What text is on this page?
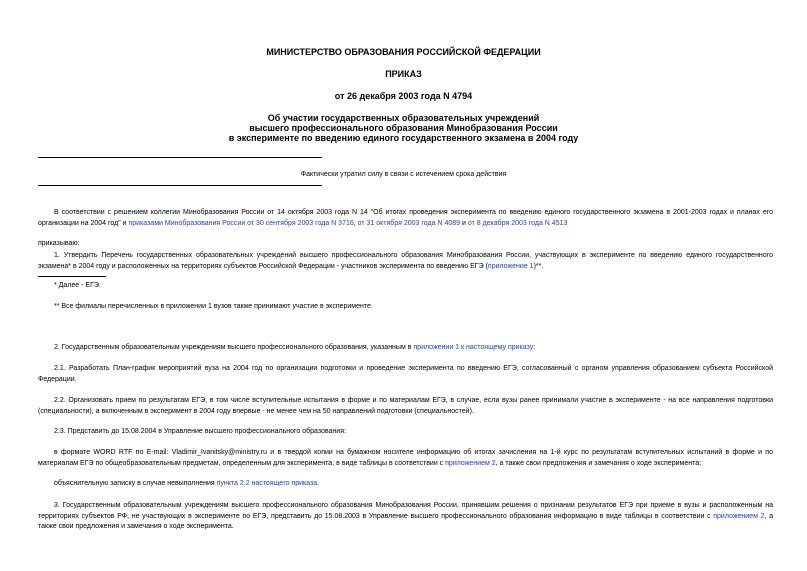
МИНИСТЕРСТВО ОБРАЗОВАНИЯ РОССИЙСКОЙ ФЕДЕРАЦИИ
ПРИКАЗ
от 26 декабря 2003 года N 4794
Об участии государственных образовательных учреждений
высшего профессионального образования Минобразования России
в эксперименте по введению единого государственного экзамена в 2004 году
Фактически утратил силу в связи с истечением срока действия
В соответствии с решением коллегии Минобразования России от 14 октября 2003 года N 14 "Об итогах проведения эксперимента по введению единого государственного экзамена в 2001-2003 годах и планах его организации на 2004 год" и приказами Минобразования России от 30 сентября 2003 года N 3716, от 31 октября 2003 года N 4089 и от 8 декабря 2003 года N 4513
приказываю:
1. Утвердить Перечень государственных образовательных учреждений высшего профессионального образования Минобразования России, участвующих в эксперименте по введению единого государственного экзамена* в 2004 году и расположенных на территориях субъектов Российской Федерации - участников эксперимента по введению ЕГЭ (приложение 1)**.
* Далее - ЕГЭ.
** Все филиалы перечисленных в приложении 1 вузов также принимают участие в эксперименте.
2. Государственным образовательным учреждениям высшего профессионального образования, указанным в приложении 1 к настоящему приказу:
2.1. Разработать План-график мероприятий вуза на 2004 год по организации подготовки и проведение эксперимента по введению ЕГЭ, согласованный с органом управления образованием субъекта Российской Федерации.
2.2. Организовать прием по результатам ЕГЭ, в том числе вступительные испытания в форме и по материалам ЕГЭ, в случае, если вузы ранее принимали участие в эксперименте - на все направления подготовки (специальности), а включенным в эксперимент в 2004 году впервые - не менее чем на 50 направлений подготовки (специальностей).
2.3. Представить до 15.08.2004 в Управление высшего профессионального образования:
в формате WORD RTF по E-mail: Vladimir_Ivanitsky@ministry.ru и в твердой копии на бумажном носителе информацию об итогах зачисления на 1-й курс по результатам вступительных испытаний в форме и по материалам ЕГЭ по общеобразовательным предметам, определенным для эксперимента, в виде таблицы в соответствии с приложением 2, а также свои предложения и замечания о ходе эксперимента;
объяснительную записку в случае невыполнения пункта 2.2 настоящего приказа.
3. Государственным образовательным учреждениям высшего профессионального образования Минобразования России, принявшим решения о признании результатов ЕГЭ при приеме в вузы и расположенным на территориях субъектов РФ, не участвующих в эксперименте по ЕГЭ, представить до 15.08.2003 в Управление высшего профессионального образования информацию в виде таблицы в соответствии с приложением 2, а также свои предложения и замечания о ходе эксперимента.
